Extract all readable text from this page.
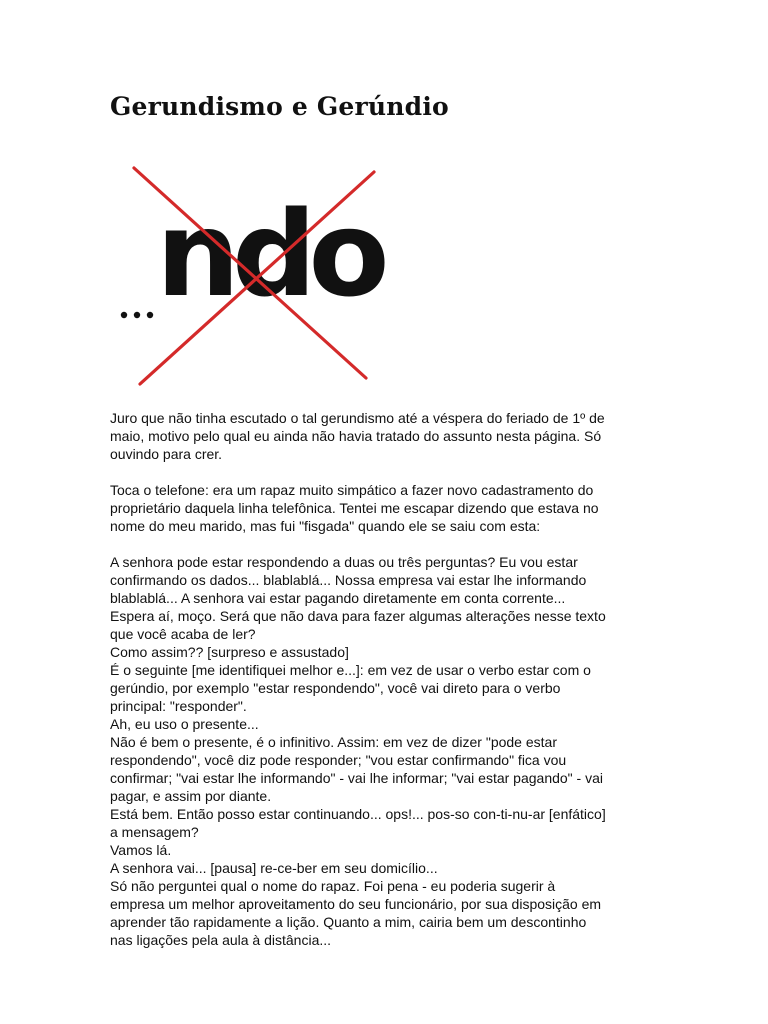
Gerundismo e Gerúndio
ndo

Juro que não tinha escutado o tal gerundismo até a véspera do feriado de 1º de

maio, motivo pelo qual eu ainda não havia tratado do assunto nesta página. Só

ouvindo para crer.

Toca o telefone: era um rapaz muito simpático a fazer novo cadastramento do

proprietário daquela linha telefônica. Tentei me escapar dizendo que estava no

nome do meu marido, mas fui "fisgada" quando ele se saiu com esta:

A senhora pode estar respondendo a duas ou três perguntas? Eu vou estar

confirmando os dados... blablablá... Nossa empresa vai estar lhe informando

blablablá... A senhora vai estar pagando diretamente em conta corrente...

Espera aí, moço. Será que não dava para fazer algumas alterações nesse texto

que você acaba de ler?

Como assim?? [surpreso e assustado]

É o seguinte [me identifiquei melhor e...]: em vez de usar o verbo estar com o

gerúndio, por exemplo "estar respondendo", você vai direto para o verbo

principal: "responder".

Ah, eu uso o presente...

Não é bem o presente, é o infinitivo. Assim: em vez de dizer "pode estar

respondendo", você diz pode responder; "vou estar confirmando" fica vou

confirmar; "vai estar lhe informando" - vai lhe informar; "vai estar pagando" - vai

pagar, e assim por diante.

Está bem. Então posso estar continuando... ops!... pos-so con-ti-nu-ar [enfático]

a mensagem?

Vamos lá.

A senhora vai... [pausa] re-ce-ber em seu domicílio...

Só não perguntei qual o nome do rapaz. Foi pena - eu poderia sugerir à

empresa um melhor aproveitamento do seu funcionário, por sua disposição em

aprender tão rapidamente a lição. Quanto a mim, cairia bem um descontinho

nas ligações pela aula à distância...
